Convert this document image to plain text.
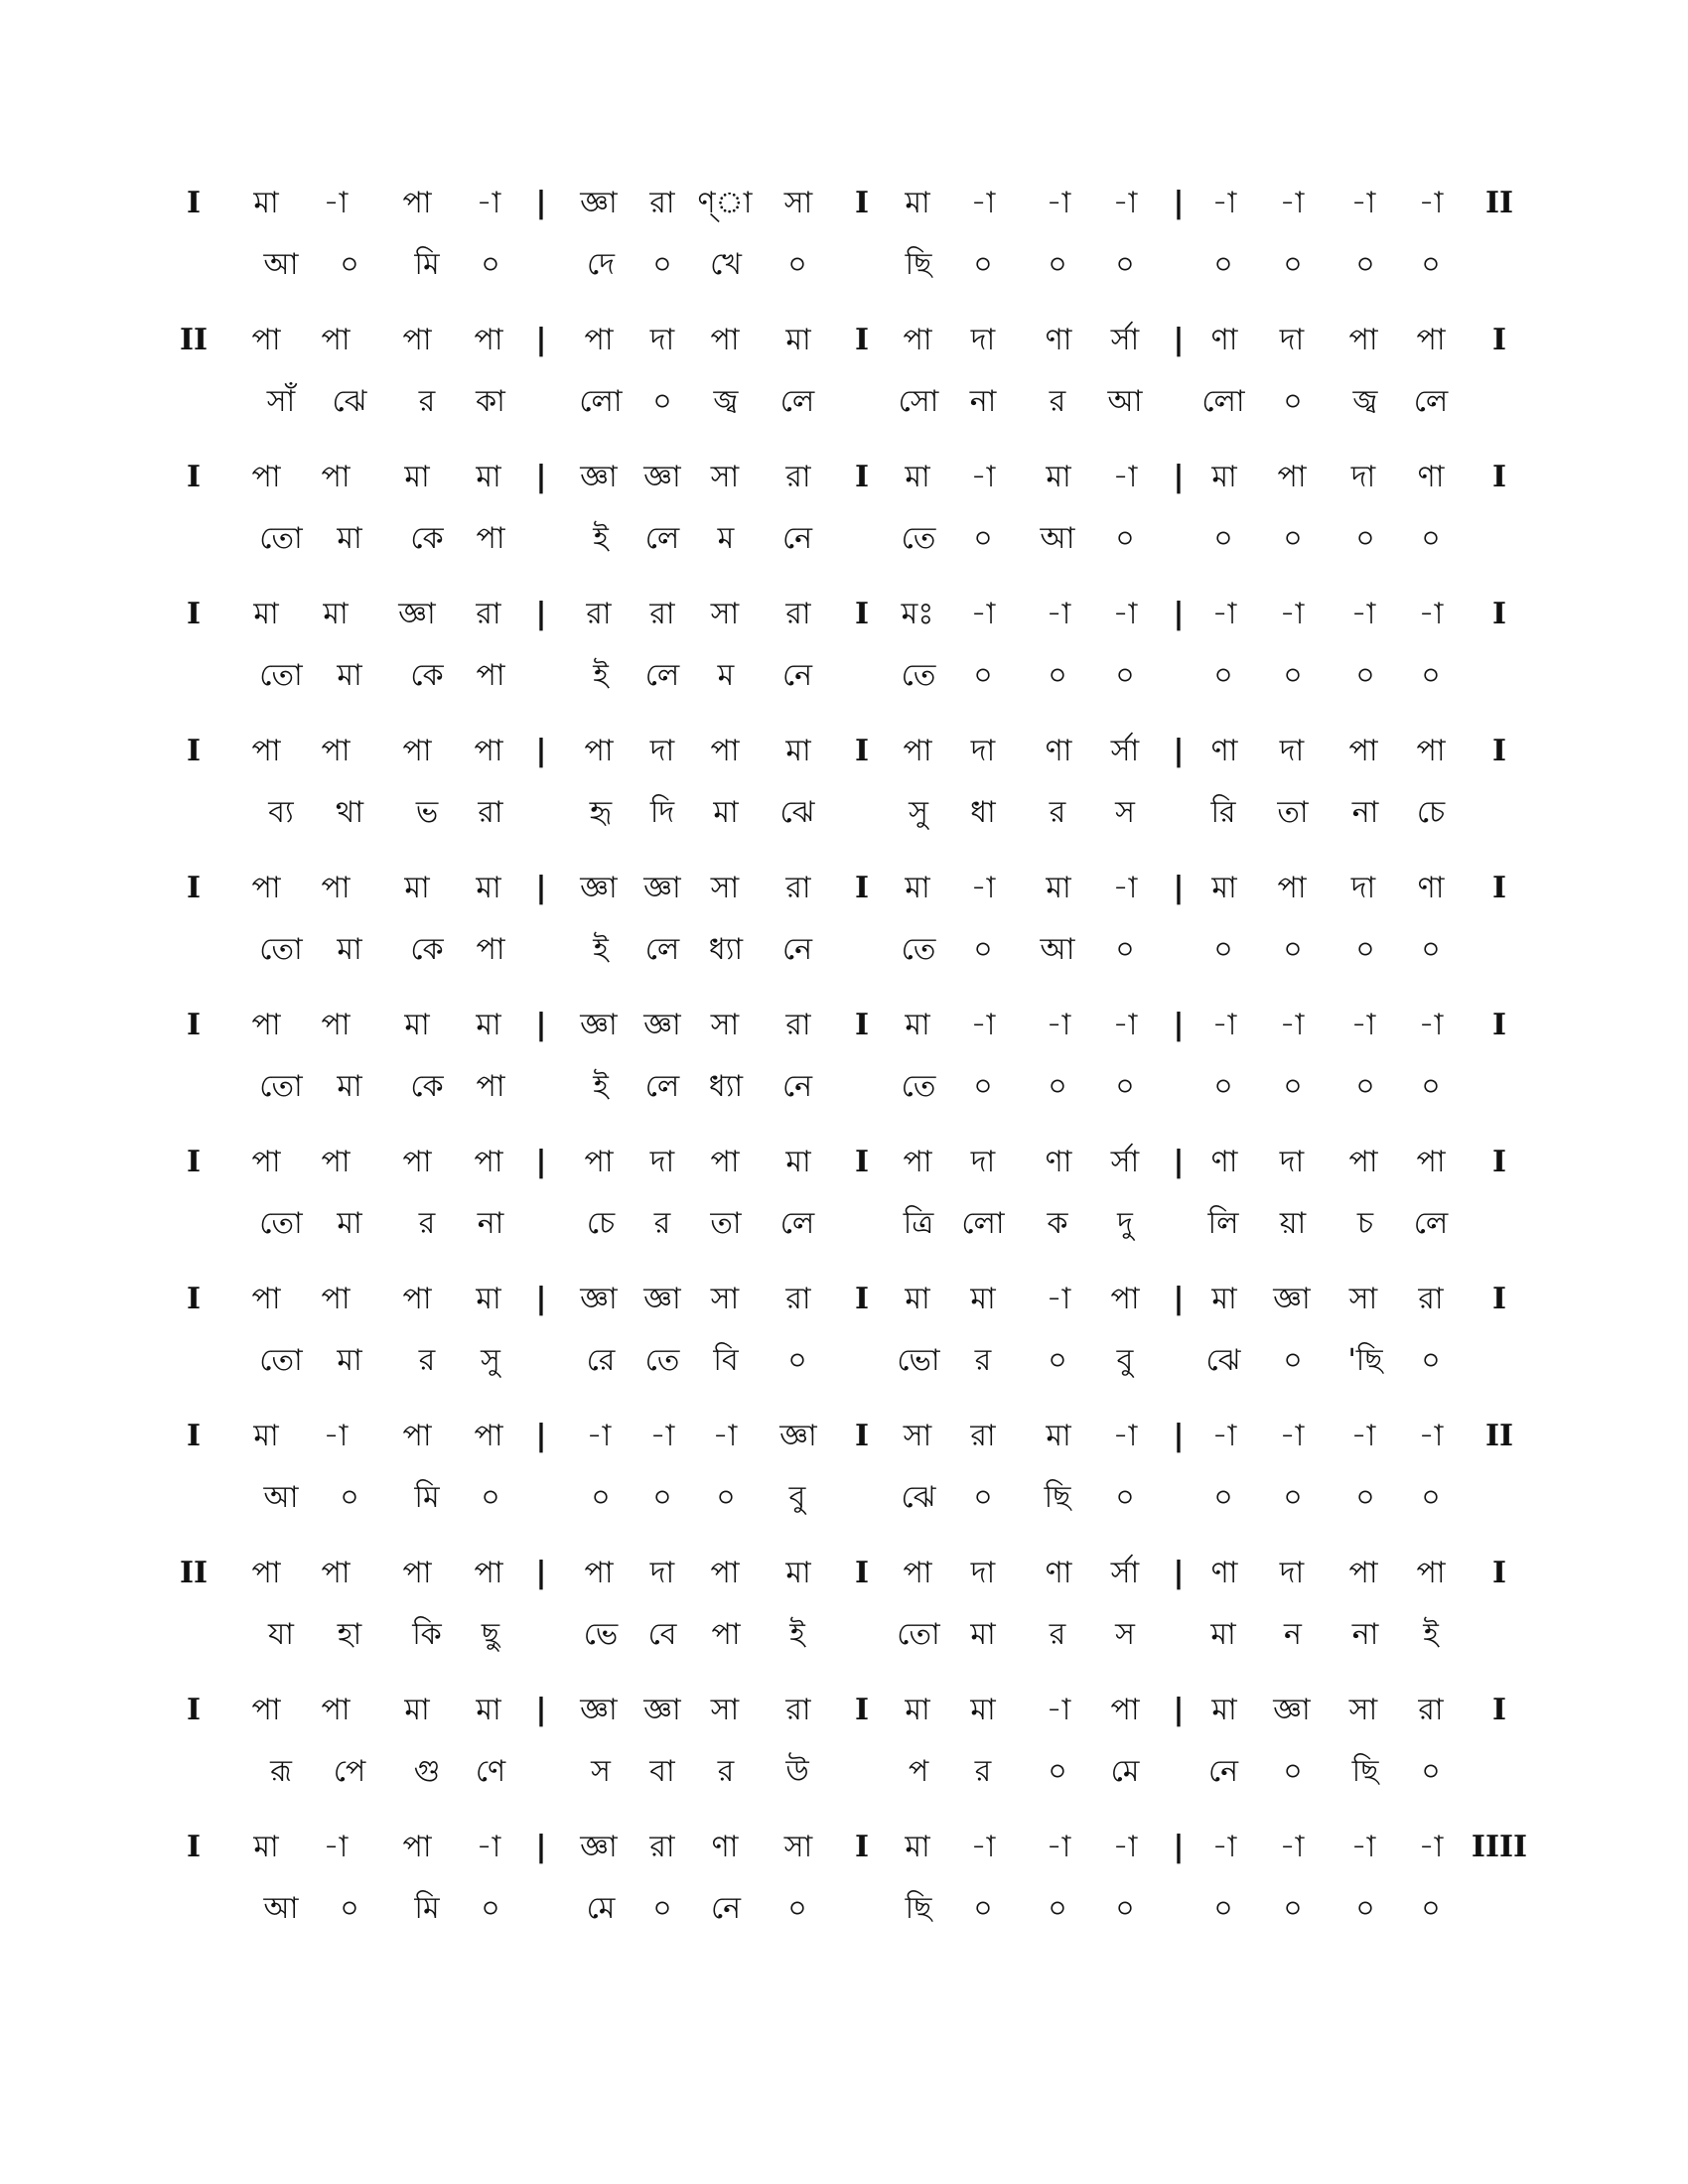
I মা -া পা -া | জ্ঞা রা ণ্‌া সা I মা -া -া -া | -া -া -া -া II
আ ০ মি ০	দে ০ খে ০	ছি ০ ০ ০	০ ০ ০ ০
II পা পা পা পা | পা দা পা মা I পা দা ণা র্সা | ণা দা পা পা I
সাঁ ঝে র কা লো ০ জ্ব লে	সো না র আ লো ০ জ্ব লে
I পা পা মা মা | জ্ঞা জ্ঞা সা রা I মা -া মা -া | মা পা দা ণা I
তো মা কে পা	ই লে ম নে	তে ০ আ ০	০ ০ ০ ০
I মা মা জ্ঞা রা | রা রা সা রা I মঃ -া -া -া | -া -া -া -া I
তো মা কে পা	ই লে ম নে	তে ০ ০ ০	০ ০ ০ ০
I পা পা পা পা | পা দা পা মা I পা দা ণা র্সা | ণা দা পা পা I
ব্য থা ভ রা	হৃ দি মা ঝে	সু ধা র স	রি তা না চে
I পা পা মা মা | জ্ঞা জ্ঞা সা রা I মা -া মা -া | মা পা দা ণা I
তো মা কে পা	ই লে ধ্যা নে	তে ০ আ ০	০ ০ ০ ০
I পা পা মা মা | জ্ঞা জ্ঞা সা রা I মা -া -া -া | -া -া -া -া I
তো মা কে পা	ই লে ধ্যা নে	তে ০ ০ ০	০ ০ ০ ০
I পা পা পা পা | পা দা পা মা I পা দা ণা র্সা | ণা দা পা পা I
তো মা র না	চে র তা লে	ত্রি লো ক দু	লি য়া চ লে
I পা পা পা মা | জ্ঞা জ্ঞা সা রা I মা মা -া পা | মা জ্ঞা সা রা I
তো মা র সু	রে তে বি ০	ভো র ০ বু ঝে ০ 'ছি ০
I মা -া পা পা | -া -া -া জ্ঞা I সা রা মা -া | -া -া -া -া II
আ ০ মি ০	০ ০ ০ বু	ঝে ০ ছি ০	০ ০ ০ ০
II পা পা পা পা | পা দা পা মা I পা দা ণা র্সা | ণা দা পা পা I
যা হা কি ছু	ভে বে পা ই	তো মা র স	মা ন না ই
I পা পা মা মা | জ্ঞা জ্ঞা সা রা I মা মা -া পা | মা জ্ঞা সা রা I
রূ পে গু ণে	স বা র উ	প র ০ মে নে ০ ছি ০
I মা -া পা -া | জ্ঞা রা ণা সা I মা -া -া -া | -া -া -া -া IIII
আ ০ মি ০	মে ০ নে ০	ছি ০ ০ ০	০ ০ ০ ০
